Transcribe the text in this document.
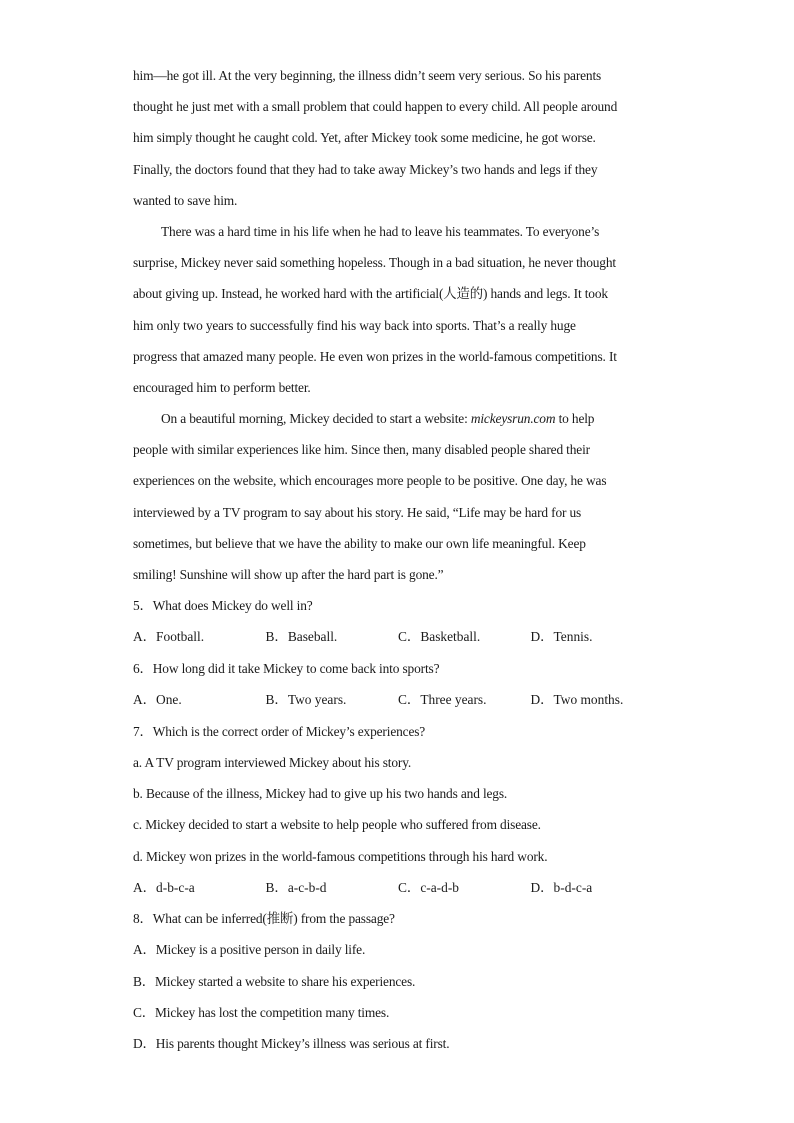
him—he got ill. At the very beginning, the illness didn’t seem very serious. So his parents
thought he just met with a small problem that could happen to every child. All people around
him simply thought he caught cold. Yet, after Mickey took some medicine, he got worse.
Finally, the doctors found that they had to take away Mickey’s two hands and legs if they
wanted to save him.
There was a hard time in his life when he had to leave his teammates. To everyone’s
surprise, Mickey never said something hopeless. Though in a bad situation, he never thought
about giving up. Instead, he worked hard with the artificial(人造的) hands and legs. It took
him only two years to successfully find his way back into sports. That’s a really huge
progress that amazed many people. He even won prizes in the world-famous competitions. It
encouraged him to perform better.
On a beautiful morning, Mickey decided to start a website: mickeysrun.com to help
people with similar experiences like him. Since then, many disabled people shared their
experiences on the website, which encourages more people to be positive. One day, he was
interviewed by a TV program to say about his story. He said, “Life may be hard for us
sometimes, but believe that we have the ability to make our own life meaningful. Keep
smiling! Sunshine will show up after the hard part is gone.”
5．What does Mickey do well in?
A．Football.	B．Baseball.	C．Basketball.	D．Tennis.
6．How long did it take Mickey to come back into sports?
A．One.	B．Two years.	C．Three years.	D．Two months.
7．Which is the correct order of Mickey’s experiences?
a. A TV program interviewed Mickey about his story.
b. Because of the illness, Mickey had to give up his two hands and legs.
c. Mickey decided to start a website to help people who suffered from disease.
d. Mickey won prizes in the world-famous competitions through his hard work.
A．d-b-c-a	B．a-c-b-d	C．c-a-d-b	D．b-d-c-a
8．What can be inferred(推断) from the passage?
A．Mickey is a positive person in daily life.
B．Mickey started a website to share his experiences.
C．Mickey has lost the competition many times.
D．His parents thought Mickey’s illness was serious at first.
